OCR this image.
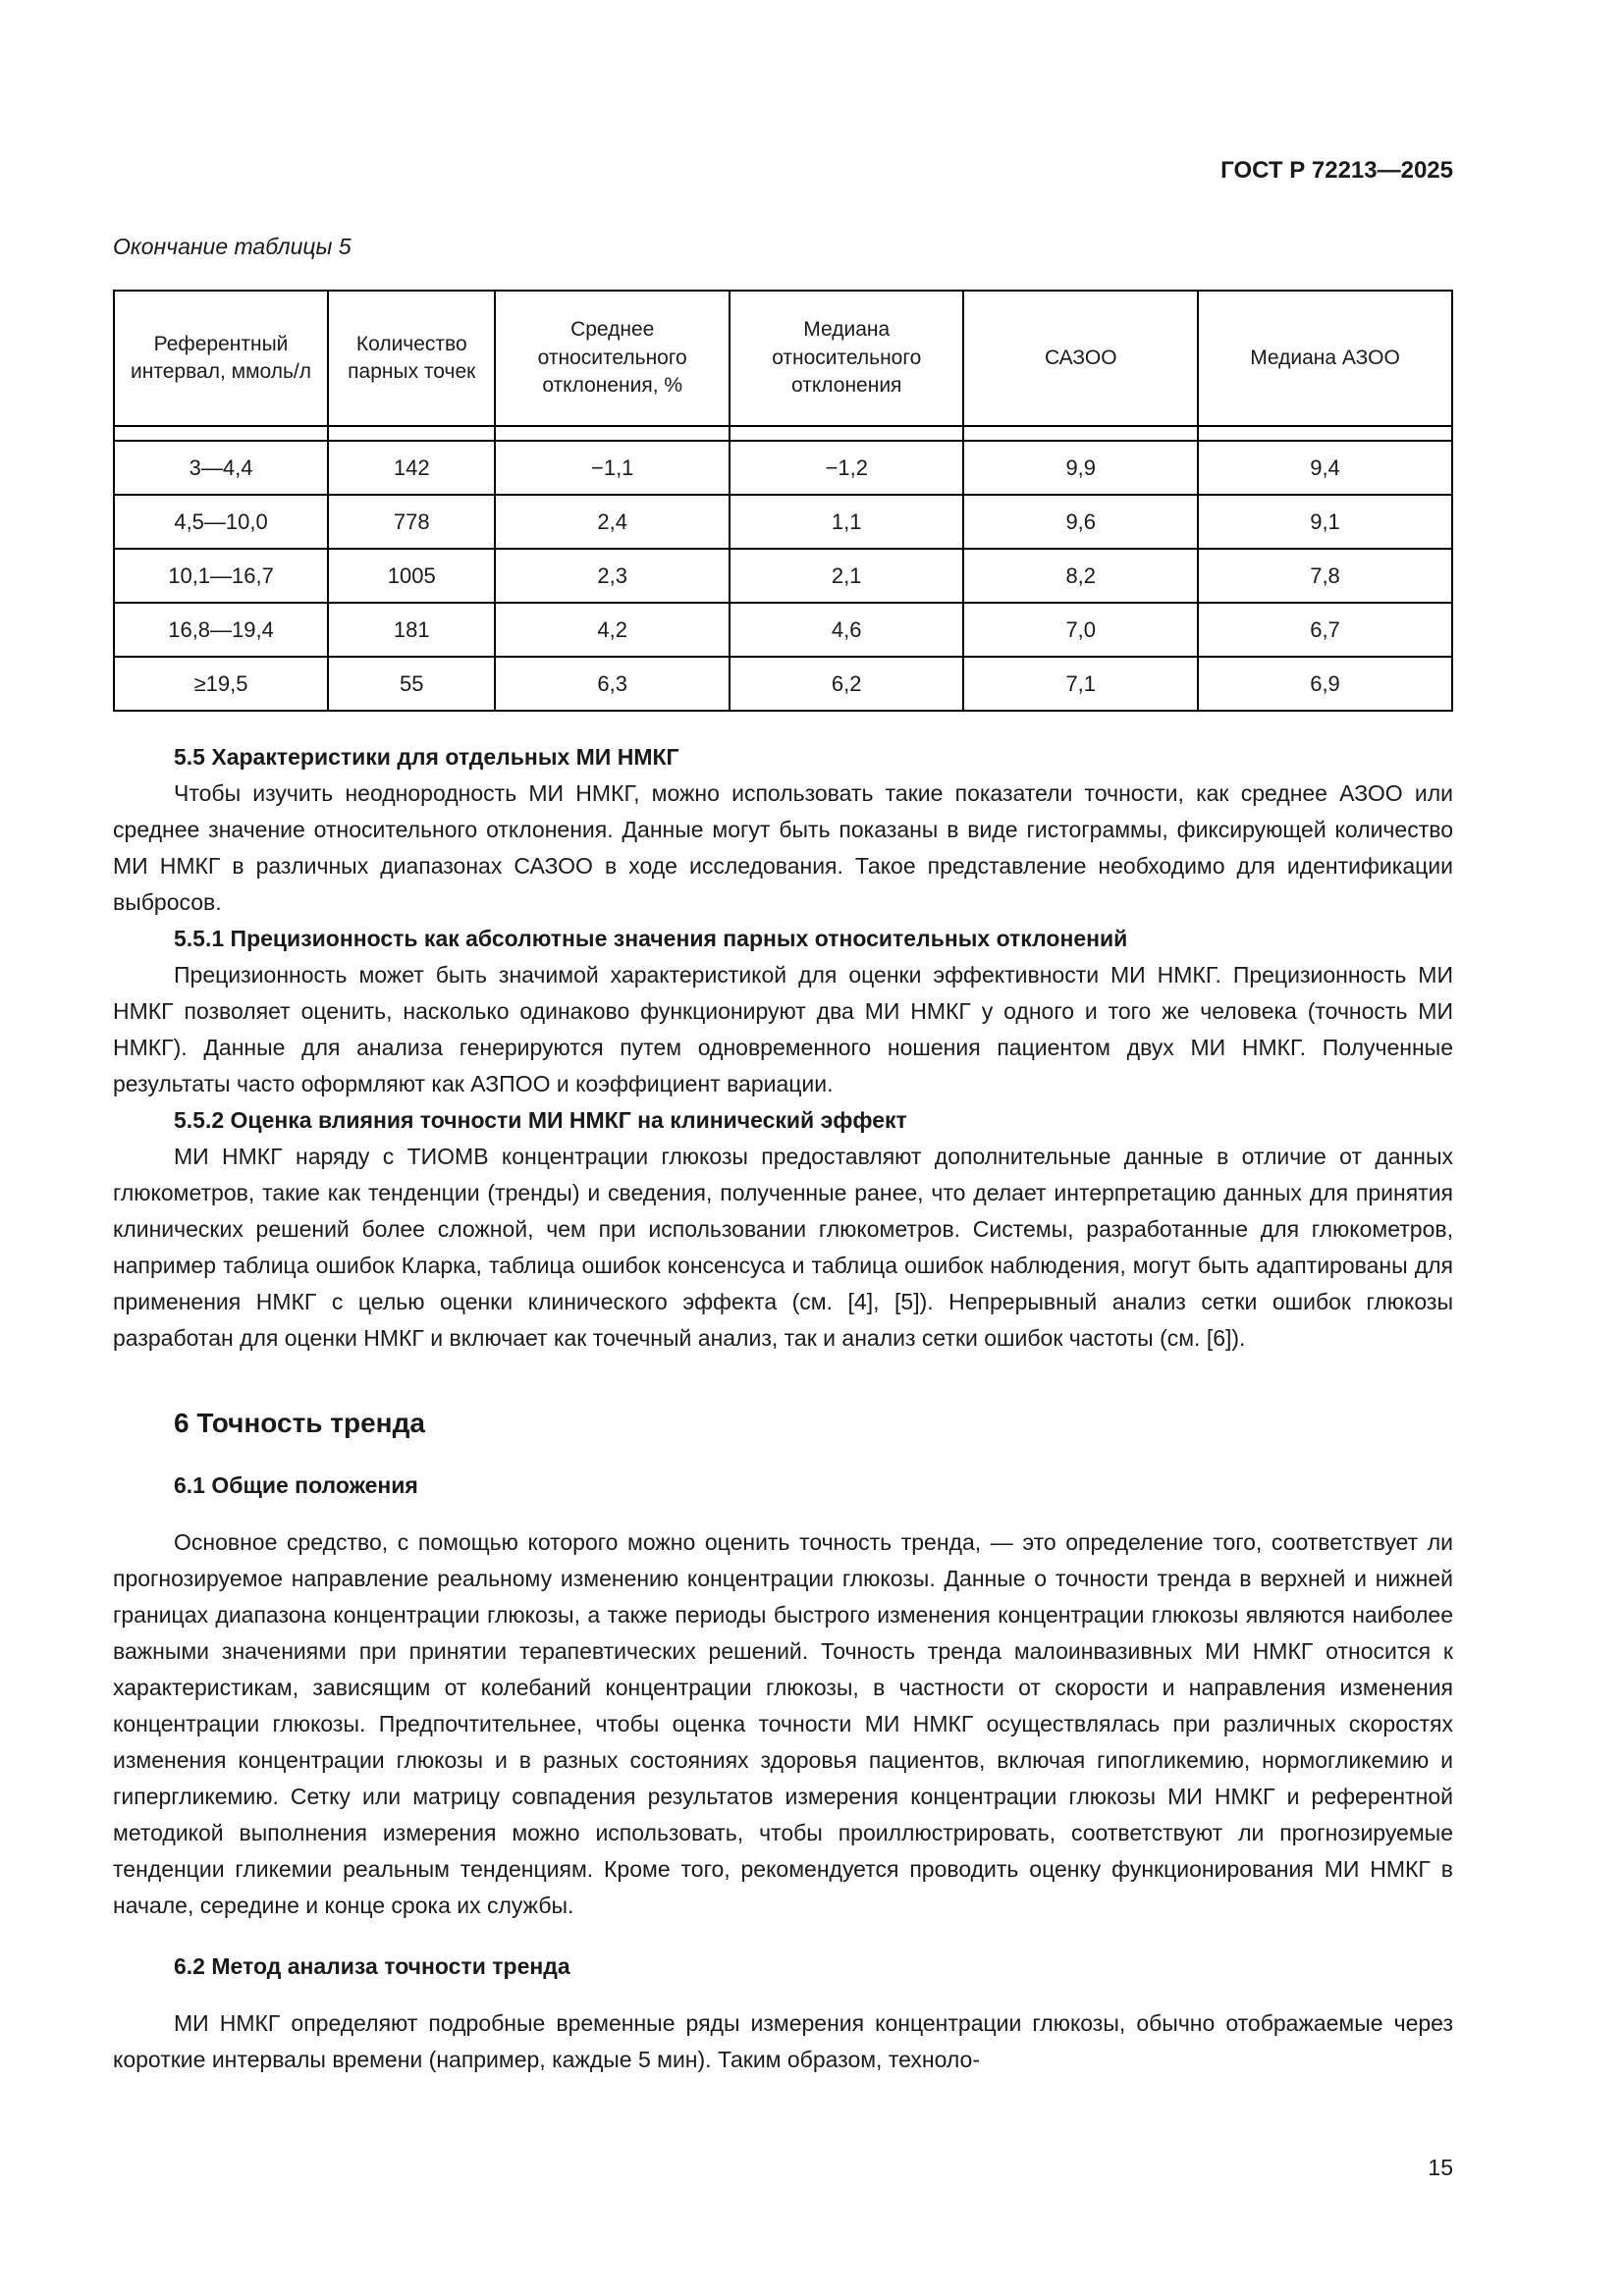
ГОСТ Р 72213—2025
Окончание таблицы 5
Референтный интервал, ммоль/л	Количество парных точек	Среднее относительного отклонения, %	Медиана относительного отклонения	САЗОО	Медиана АЗОО

3—4,4	142	−1,1	−1,2	9,9	9,4
4,5—10,0	778	2,4	1,1	9,6	9,1
10,1—16,7	1005	2,3	2,1	8,2	7,8
16,8—19,4	181	4,2	4,6	7,0	6,7
≥19,5	55	6,3	6,2	7,1	6,9
5.5 Характеристики для отдельных МИ НМКГ

Чтобы изучить неоднородность МИ НМКГ, можно использовать такие показатели точности, как среднее АЗОО или среднее значение относительного отклонения. Данные могут быть показаны в виде гистограммы, фиксирующей количество МИ НМКГ в различных диапазонах САЗОО в ходе исследования. Такое представление необходимо для идентификации выбросов.

5.5.1 Прецизионность как абсолютные значения парных относительных отклонений

Прецизионность может быть значимой характеристикой для оценки эффективности МИ НМКГ. Прецизионность МИ НМКГ позволяет оценить, насколько одинаково функционируют два МИ НМКГ у одного и того же человека (точность МИ НМКГ). Данные для анализа генерируются путем одновременного ношения пациентом двух МИ НМКГ. Полученные результаты часто оформляют как АЗПОО и коэффициент вариации.

5.5.2 Оценка влияния точности МИ НМКГ на клинический эффект

МИ НМКГ наряду с ТИОМВ концентрации глюкозы предоставляют дополнительные данные в отличие от данных глюкометров, такие как тенденции (тренды) и сведения, полученные ранее, что делает интерпретацию данных для принятия клинических решений более сложной, чем при использовании глюкометров. Системы, разработанные для глюкометров, например таблица ошибок Кларка, таблица ошибок консенсуса и таблица ошибок наблюдения, могут быть адаптированы для применения НМКГ с целью оценки клинического эффекта (см. [4], [5]). Непрерывный анализ сетки ошибок глюкозы разработан для оценки НМКГ и включает как точечный анализ, так и анализ сетки ошибок частоты (см. [6]).

6 Точность тренда
6.1 Общие положения

Основное средство, с помощью которого можно оценить точность тренда, — это определение того, соответствует ли прогнозируемое направление реальному изменению концентрации глюкозы. Данные о точности тренда в верхней и нижней границах диапазона концентрации глюкозы, а также периоды быстрого изменения концентрации глюкозы являются наиболее важными значениями при принятии терапевтических решений. Точность тренда малоинвазивных МИ НМКГ относится к характеристикам, зависящим от колебаний концентрации глюкозы, в частности от скорости и направления изменения концентрации глюкозы. Предпочтительнее, чтобы оценка точности МИ НМКГ осуществлялась при различных скоростях изменения концентрации глюкозы и в разных состояниях здоровья пациентов, включая гипогликемию, нормогликемию и гипергликемию. Сетку или матрицу совпадения результатов измерения концентрации глюкозы МИ НМКГ и референтной методикой выполнения измерения можно использовать, чтобы проиллюстрировать, соответствуют ли прогнозируемые тенденции гликемии реальным тенденциям. Кроме того, рекомендуется проводить оценку функционирования МИ НМКГ в начале, середине и конце срока их службы.

6.2 Метод анализа точности тренда

МИ НМКГ определяют подробные временные ряды измерения концентрации глюкозы, обычно отображаемые через короткие интервалы времени (например, каждые 5 мин). Таким образом, техноло-

15
